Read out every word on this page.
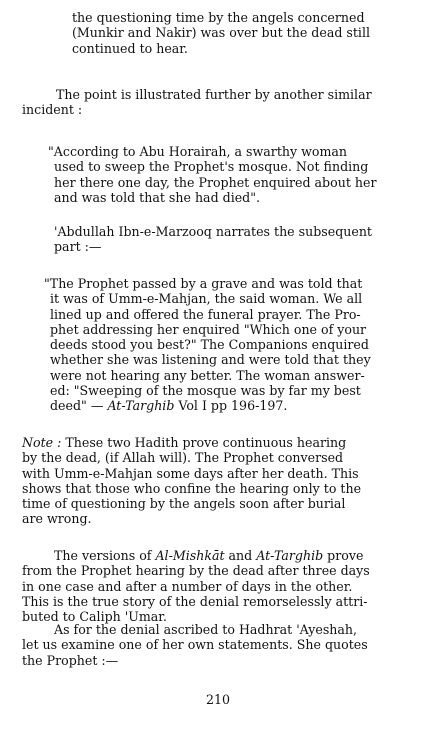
the questioning time by the angels concerned
(Munkir and Nakir) was over but the dead still
continued to hear.

The point is illustrated further by another similar
incident :

"According to Abu Horairah, a swarthy woman
used to sweep the Prophet's mosque. Not finding
her there one day, the Prophet enquired about her
and was told that she had died".

'Abdullah Ibn-e-Marzooq narrates the subsequent
part :—

"The Prophet passed by a grave and was told that
it was of Umm-e-Mahjan, the said woman. We all
lined up and offered the funeral prayer. The Pro-
phet addressing her enquired "Which one of your
deeds stood you best?" The Companions enquired
whether she was listening and were told that they
were not hearing any better. The woman answer-
ed: "Sweeping of the mosque was by far my best
deed" — At-Targhib Vol I pp 196-197.

Note : These two Hadith prove continuous hearing
by the dead, (if Allah will). The Prophet conversed
with Umm-e-Mahjan some days after her death. This
shows that those who confine the hearing only to the
time of questioning by the angels soon after burial
are wrong.

The versions of Al-Mishkāt and At-Targhib prove
from the Prophet hearing by the dead after three days
in one case and after a number of days in the other.
This is the true story of the denial remorselessly attri-
buted to Caliph 'Umar.

As for the denial ascribed to Hadhrat 'Ayeshah,
let us examine one of her own statements. She quotes
the Prophet :—

210
